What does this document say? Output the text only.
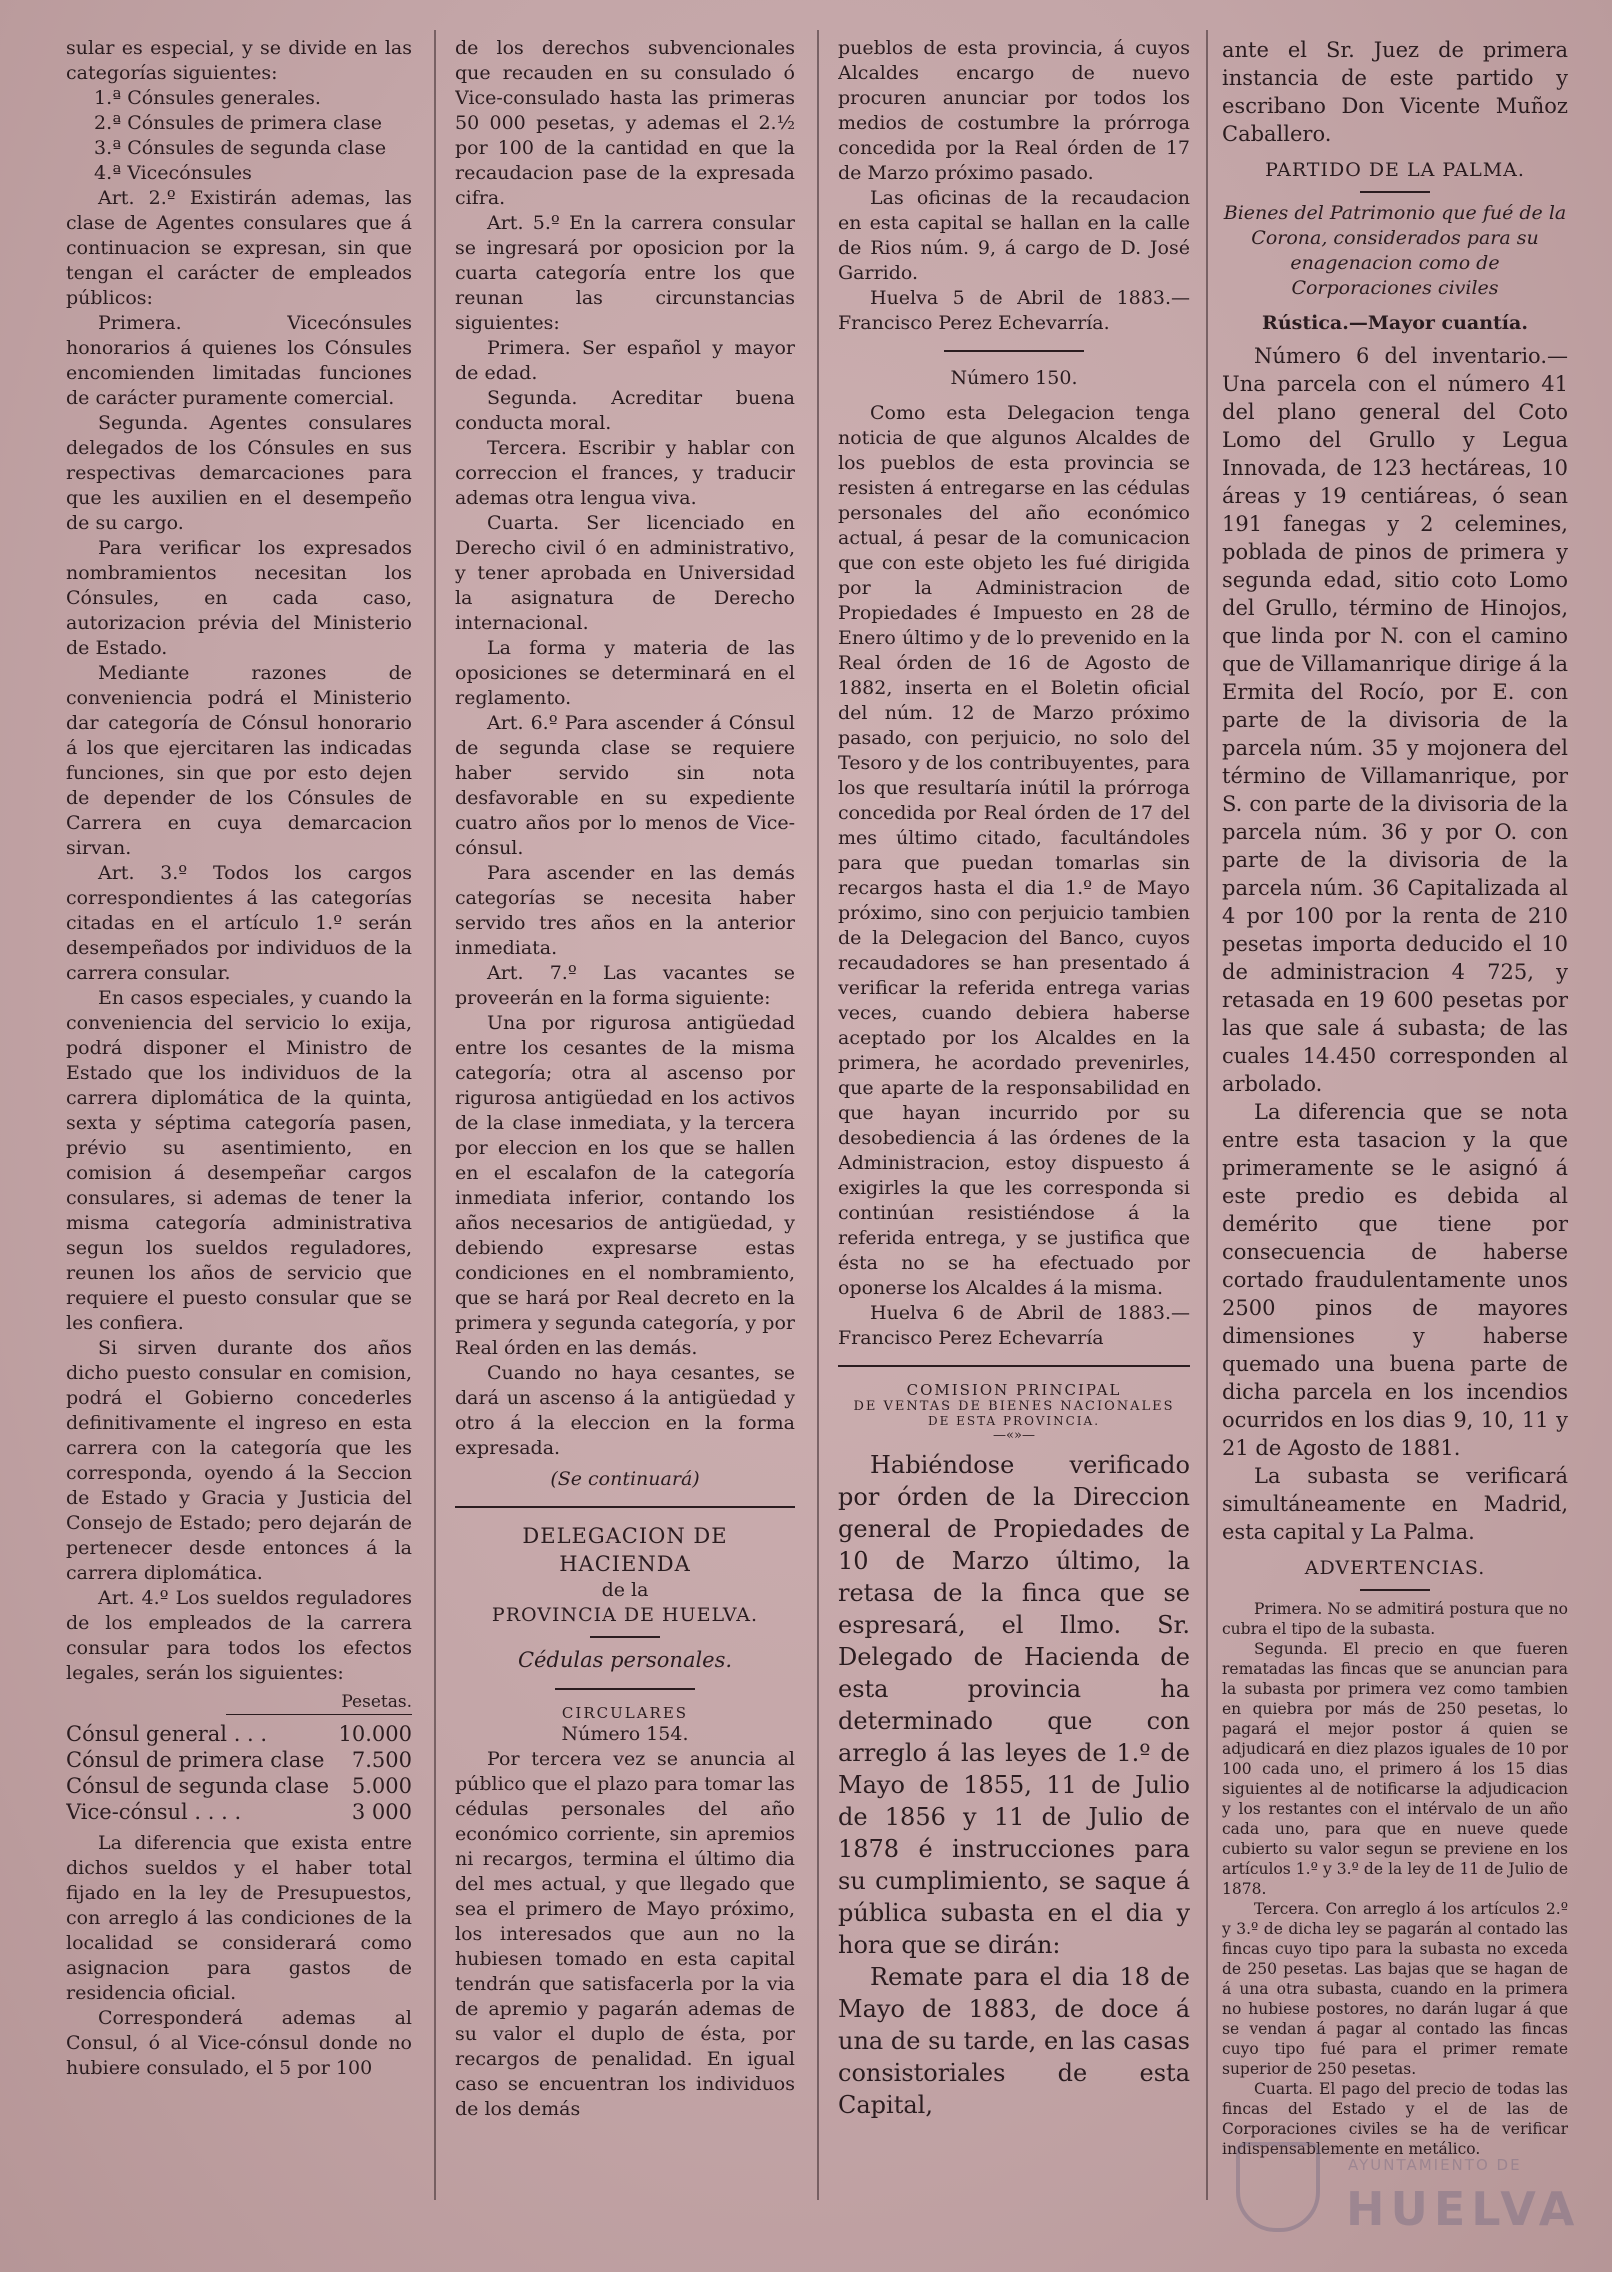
sular es especial, y se divide en las categorías siguientes:

1.ª Cónsules generales.

2.ª Cónsules de primera clase

3.ª Cónsules de segunda clase

4.ª Vicecónsules

Art. 2.º Existirán ademas, las clase de Agentes consulares que á continuacion se expresan, sin que tengan el carácter de empleados públicos:

Primera. Vicecónsules honorarios á quienes los Cónsules encomienden limitadas funciones de carácter puramente comercial.

Segunda. Agentes consulares delegados de los Cónsules en sus respectivas demarcaciones para que les auxilien en el desempeño de su cargo.

Para verificar los expresados nombramientos necesitan los Cónsules, en cada caso, autorizacion prévia del Ministerio de Estado.

Mediante razones de conveniencia podrá el Ministerio dar categoría de Cónsul honorario á los que ejercitaren las indicadas funciones, sin que por esto dejen de depender de los Cónsules de Carrera en cuya demarcacion sirvan.

Art. 3.º Todos los cargos correspondientes á las categorías citadas en el artículo 1.º serán desempeñados por individuos de la carrera consular.

En casos especiales, y cuando la conveniencia del servicio lo exija, podrá disponer el Ministro de Estado que los individuos de la carrera diplomática de la quinta, sexta y séptima categoría pasen, prévio su asentimiento, en comision á desempeñar cargos consulares, si ademas de tener la misma categoría administrativa segun los sueldos reguladores, reunen los años de servicio que requiere el puesto consular que se les confiera.

Si sirven durante dos años dicho puesto consular en comision, podrá el Gobierno concederles definitivamente el ingreso en esta carrera con la categoría que les corresponda, oyendo á la Seccion de Estado y Gracia y Justicia del Consejo de Estado; pero dejarán de pertenecer desde entonces á la carrera diplomática.

Art. 4.º Los sueldos reguladores de los empleados de la carrera consular para todos los efectos legales, serán los siguientes:

Pesetas.
Cónsul general . . .	10.000
Cónsul de primera clase	7.500
Cónsul de segunda clase	5.000
Vice-cónsul . . . .	3 000

La diferencia que exista entre dichos sueldos y el haber total fijado en la ley de Presupuestos, con arreglo á las condiciones de la localidad se considerará como asignacion para gastos de residencia oficial.

Corresponderá ademas al Consul, ó al Vice-cónsul donde no hubiere consulado, el 5 por 100

de los derechos subvencionales que recauden en su consulado ó Vice-consulado hasta las primeras 50 000 pesetas, y ademas el 2.½ por 100 de la cantidad en que la recaudacion pase de la expresada cifra.

Art. 5.º En la carrera consular se ingresará por oposicion por la cuarta categoría entre los que reunan las circunstancias siguientes:

Primera. Ser español y mayor de edad.

Segunda. Acreditar buena conducta moral.

Tercera. Escribir y hablar con correccion el frances, y traducir ademas otra lengua viva.

Cuarta. Ser licenciado en Derecho civil ó en administrativo, y tener aprobada en Universidad la asignatura de Derecho internacional.

La forma y materia de las oposiciones se determinará en el reglamento.

Art. 6.º Para ascender á Cónsul de segunda clase se requiere haber servido sin nota desfavorable en su expediente cuatro años por lo menos de Vice-cónsul.

Para ascender en las demás categorías se necesita haber servido tres años en la anterior inmediata.

Art. 7.º Las vacantes se proveerán en la forma siguiente:

Una por rigurosa antigüedad entre los cesantes de la misma categoría; otra al ascenso por rigurosa antigüedad en los activos de la clase inmediata, y la tercera por eleccion en los que se hallen en el escalafon de la categoría inmediata inferior, contando los años necesarios de antigüedad, y debiendo expresarse estas condiciones en el nombramiento, que se hará por Real decreto en la primera y segunda categoría, y por Real órden en las demás.

Cuando no haya cesantes, se dará un ascenso á la antigüedad y otro á la eleccion en la forma expresada.

(Se continuará)

DELEGACION DE HACIENDA

de la

PROVINCIA DE HUELVA.

Cédulas personales.

CIRCULARES

Número 154.

Por tercera vez se anuncia al público que el plazo para tomar las cédulas personales del año económico corriente, sin apremios ni recargos, termina el último dia del mes actual, y que llegado que sea el primero de Mayo próximo, los interesados que aun no la hubiesen tomado en esta capital tendrán que satisfacerla por la via de apremio y pagarán ademas de su valor el duplo de ésta, por recargos de penalidad. En igual caso se encuentran los individuos de los demás

pueblos de esta provincia, á cuyos Alcaldes encargo de nuevo procuren anunciar por todos los medios de costumbre la prórroga concedida por la Real órden de 17 de Marzo próximo pasado.

Las oficinas de la recaudacion en esta capital se hallan en la calle de Rios núm. 9, á cargo de D. José Garrido.

Huelva 5 de Abril de 1883.—Francisco Perez Echevarría.

Número 150.

Como esta Delegacion tenga noticia de que algunos Alcaldes de los pueblos de esta provincia se resisten á entregarse en las cédulas personales del año económico actual, á pesar de la comunicacion que con este objeto les fué dirigida por la Administracion de Propiedades é Impuesto en 28 de Enero último y de lo prevenido en la Real órden de 16 de Agosto de 1882, inserta en el Boletin oficial del núm. 12 de Marzo próximo pasado, con perjuicio, no solo del Tesoro y de los contribuyentes, para los que resultaría inútil la prórroga concedida por Real órden de 17 del mes último citado, facultándoles para que puedan tomarlas sin recargos hasta el dia 1.º de Mayo próximo, sino con perjuicio tambien de la Delegacion del Banco, cuyos recaudadores se han presentado á verificar la referida entrega varias veces, cuando debiera haberse aceptado por los Alcaldes en la primera, he acordado prevenirles, que aparte de la responsabilidad en que hayan incurrido por su desobediencia á las órdenes de la Administracion, estoy dispuesto á exigirles la que les corresponda si continúan resistiéndose á la referida entrega, y se justifica que ésta no se ha efectuado por oponerse los Alcaldes á la misma.

Huelva 6 de Abril de 1883.—Francisco Perez Echevarría

COMISION PRINCIPAL

DE VENTAS DE BIENES NACIONALES

DE ESTA PROVINCIA.

—«»—

Habiéndose verificado por órden de la Direccion general de Propiedades de 10 de Marzo último, la retasa de la finca que se espresará, el Ilmo. Sr. Delegado de Hacienda de esta provincia ha determinado que con arreglo á las leyes de 1.º de Mayo de 1855, 11 de Julio de 1856 y 11 de Julio de 1878 é instrucciones para su cumplimiento, se saque á pública subasta en el dia y hora que se dirán:

Remate para el dia 18 de Mayo de 1883, de doce á una de su tarde, en las casas consistoriales de esta Capital,

ante el Sr. Juez de primera instancia de este partido y escribano Don Vicente Muñoz Caballero.

PARTIDO DE LA PALMA.

Bienes del Patrimonio que fué de la Corona, considerados para su enagenacion como de Corporaciones civiles

Rústica.—Mayor cuantía.

Número 6 del inventario.—Una parcela con el número 41 del plano general del Coto Lomo del Grullo y Legua Innovada, de 123 hectáreas, 10 áreas y 19 centiáreas, ó sean 191 fanegas y 2 celemines, poblada de pinos de primera y segunda edad, sitio coto Lomo del Grullo, término de Hinojos, que linda por N. con el camino que de Villamanrique dirige á la Ermita del Rocío, por E. con parte de la divisoria de la parcela núm. 35 y mojonera del término de Villamanrique, por S. con parte de la divisoria de la parcela núm. 36 y por O. con parte de la divisoria de la parcela núm. 36 Capitalizada al 4 por 100 por la renta de 210 pesetas importa deducido el 10 de administracion 4 725, y retasada en 19 600 pesetas por las que sale á subasta; de las cuales 14.450 corresponden al arbolado.

La diferencia que se nota entre esta tasacion y la que primeramente se le asignó á este predio es debida al demérito que tiene por consecuencia de haberse cortado fraudulentamente unos 2500 pinos de mayores dimensiones y haberse quemado una buena parte de dicha parcela en los incendios ocurridos en los dias 9, 10, 11 y 21 de Agosto de 1881.

La subasta se verificará simultáneamente en Madrid, esta capital y La Palma.

ADVERTENCIAS.

Primera. No se admitirá postura que no cubra el tipo de la subasta.

Segunda. El precio en que fueren rematadas las fincas que se anuncian para la subasta por primera vez como tambien en quiebra por más de 250 pesetas, lo pagará el mejor postor á quien se adjudicará en diez plazos iguales de 10 por 100 cada uno, el primero á los 15 dias siguientes al de notificarse la adjudicacion y los restantes con el intérvalo de un año cada uno, para que en nueve quede cubierto su valor segun se previene en los artículos 1.º y 3.º de la ley de 11 de Julio de 1878.

Tercera. Con arreglo á los artículos 2.º y 3.º de dicha ley se pagarán al contado las fincas cuyo tipo para la subasta no exceda de 250 pesetas. Las bajas que se hagan de á una otra subasta, cuando en la primera no hubiese postores, no darán lugar á que se vendan á pagar al contado las fincas cuyo tipo fué para el primer remate superior de 250 pesetas.

Cuarta. El pago del precio de todas las fincas del Estado y el de las de Corporaciones civiles se ha de verificar indispensablemente en metálico.

AYUNTAMIENTO DE
HUELVA
